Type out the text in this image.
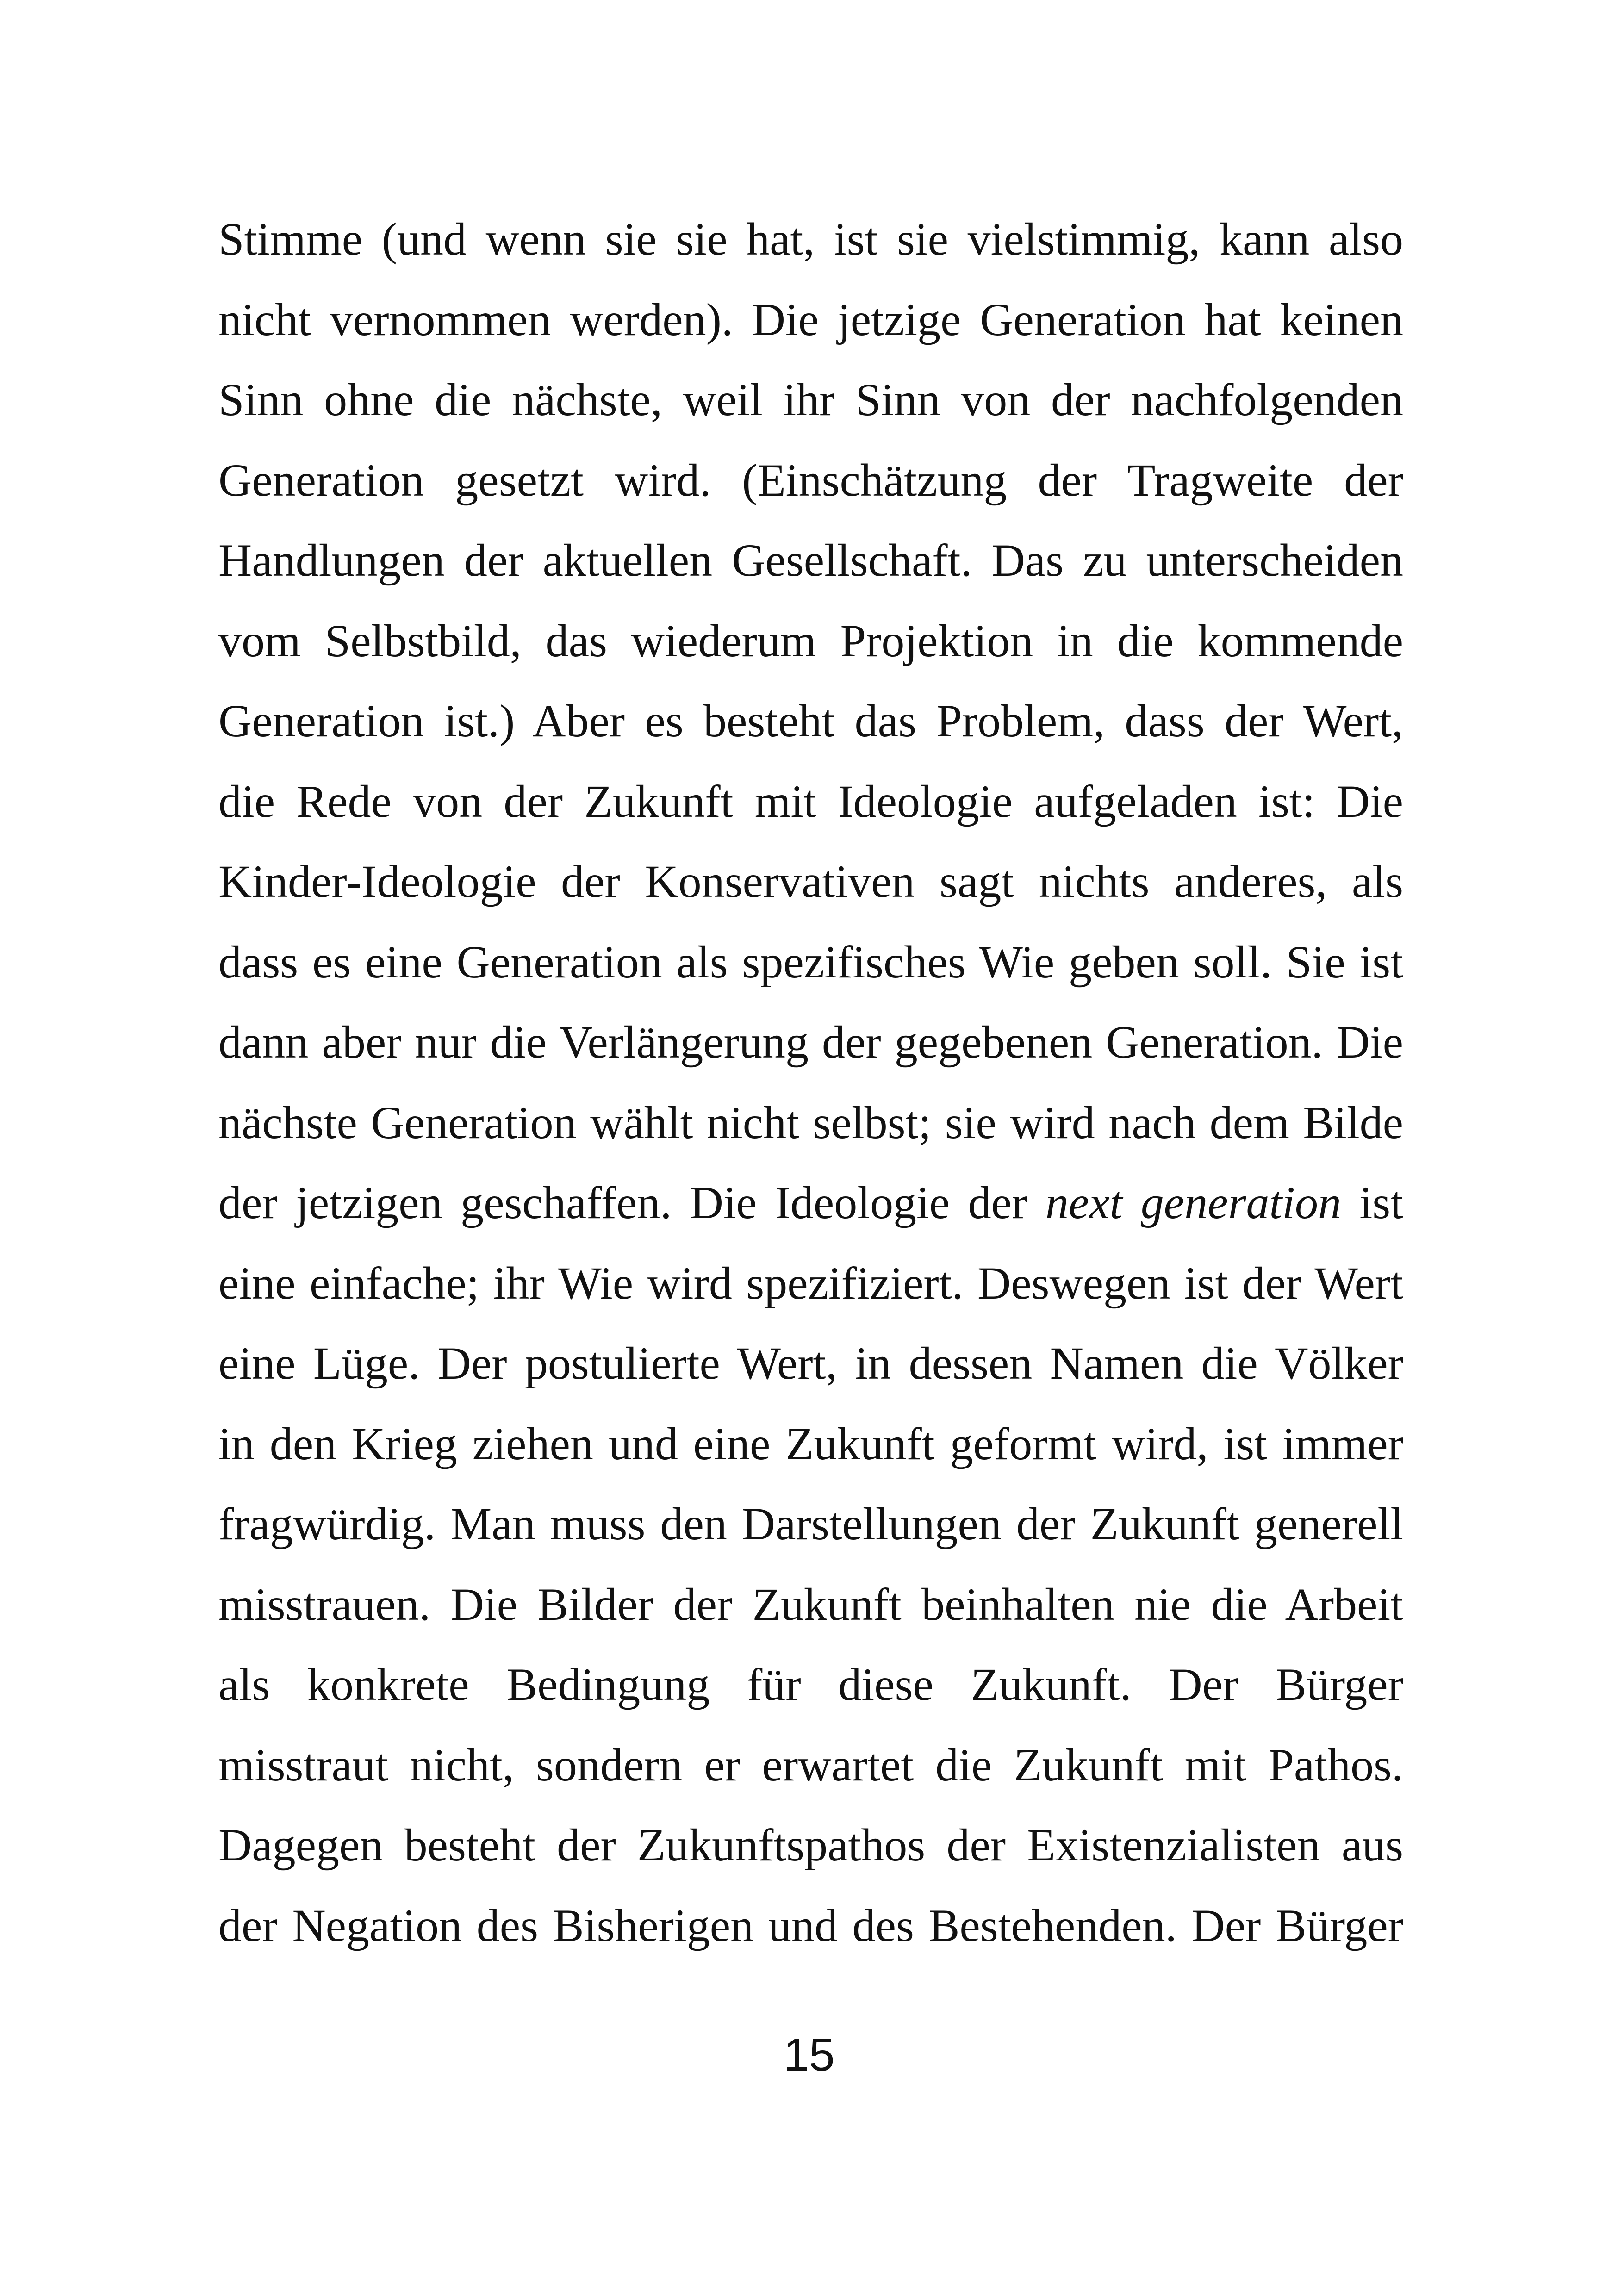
Stimme (und wenn sie sie hat, ist sie vielstimmig, kann also
nicht vernommen werden). Die jetzige Generation hat keinen
Sinn ohne die nächste, weil ihr Sinn von der nachfolgenden
Generation gesetzt wird. (Einschätzung der Tragweite der
Handlungen der aktuellen Gesellschaft. Das zu unterscheiden
vom Selbstbild, das wiederum Projektion in die kommende
Generation ist.) Aber es besteht das Problem, dass der Wert,
die Rede von der Zukunft mit Ideologie aufgeladen ist: Die
Kinder-Ideologie der Konservativen sagt nichts anderes, als
dass es eine Generation als spezifisches Wie geben soll. Sie ist
dann aber nur die Verlängerung der gegebenen Generation. Die
nächste Generation wählt nicht selbst; sie wird nach dem Bilde
der jetzigen geschaffen. Die Ideologie der next generation ist
eine einfache; ihr Wie wird spezifiziert. Deswegen ist der Wert
eine Lüge. Der postulierte Wert, in dessen Namen die Völker
in den Krieg ziehen und eine Zukunft geformt wird, ist immer
fragwürdig. Man muss den Darstellungen der Zukunft generell
misstrauen. Die Bilder der Zukunft beinhalten nie die Arbeit
als konkrete Bedingung für diese Zukunft. Der Bürger
misstraut nicht, sondern er erwartet die Zukunft mit Pathos.
Dagegen besteht der Zukunftspathos der Existenzialisten aus
der Negation des Bisherigen und des Bestehenden. Der Bürger
15
